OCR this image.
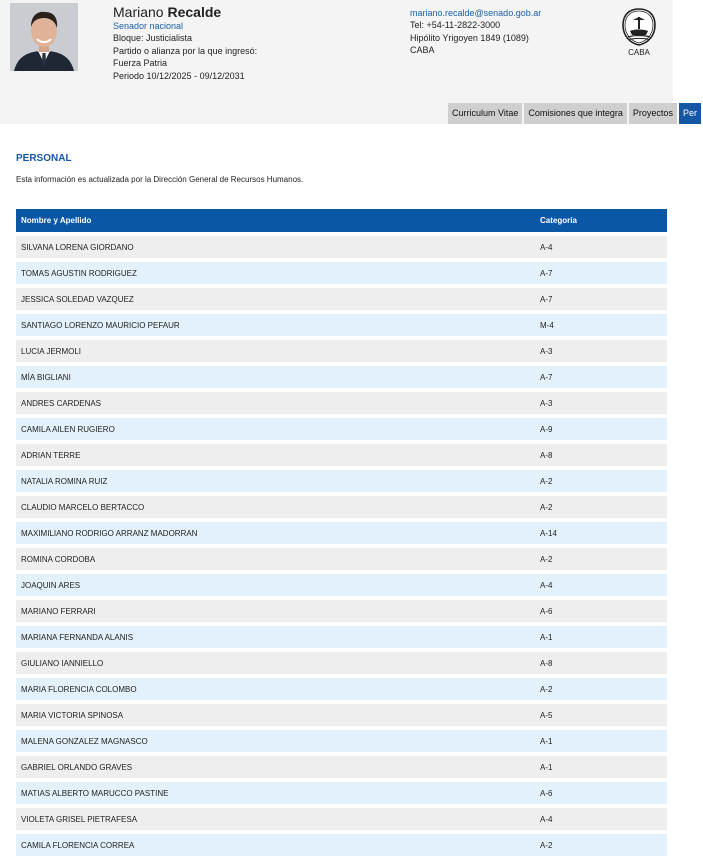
Mariano Recalde
Senador nacional
Bloque: Justicialista
Partido o alianza por la que ingresó:
Fuerza Patria
Periodo 10/12/2025 - 09/12/2031
mariano.recalde@senado.gob.ar
Tel: +54-11-2822-3000
Hipólito Yrigoyen 1849 (1089)
CABA	CABA
Curriculum Vitae Comisiones que integra Proyectos Per
PERSONAL
Esta información es actualizada por la Dirección General de Recursos Humanos.
Nombre y Apellido	Categoría
SILVANA LORENA GIORDANO	A-4
TOMAS AGUSTIN RODRIGUEZ	A-7
JESSICA SOLEDAD VAZQUEZ	A-7
SANTIAGO LORENZO MAURICIO PEFAUR	M-4
LUCIA JERMOLI	A-3
MÍA BIGLIANI	A-7
ANDRES CARDENAS	A-3
CAMILA AILEN RUGIERO	A-9
ADRIAN TERRE	A-8
NATALIA ROMINA RUIZ	A-2
CLAUDIO MARCELO BERTACCO	A-2
MAXIMILIANO RODRIGO ARRANZ MADORRAN	A-14
ROMINA CORDOBA	A-2
JOAQUIN ARES	A-4
MARIANO FERRARI	A-6
MARIANA FERNANDA ALANIS	A-1
GIULIANO IANNIELLO	A-8
MARIA FLORENCIA COLOMBO	A-2
MARIA VICTORIA SPINOSA	A-5
MALENA GONZALEZ MAGNASCO	A-1
GABRIEL ORLANDO GRAVES	A-1
MATIAS ALBERTO MARUCCO PASTINE	A-6
VIOLETA GRISEL PIETRAFESA	A-4
CAMILA FLORENCIA CORREA	A-2
